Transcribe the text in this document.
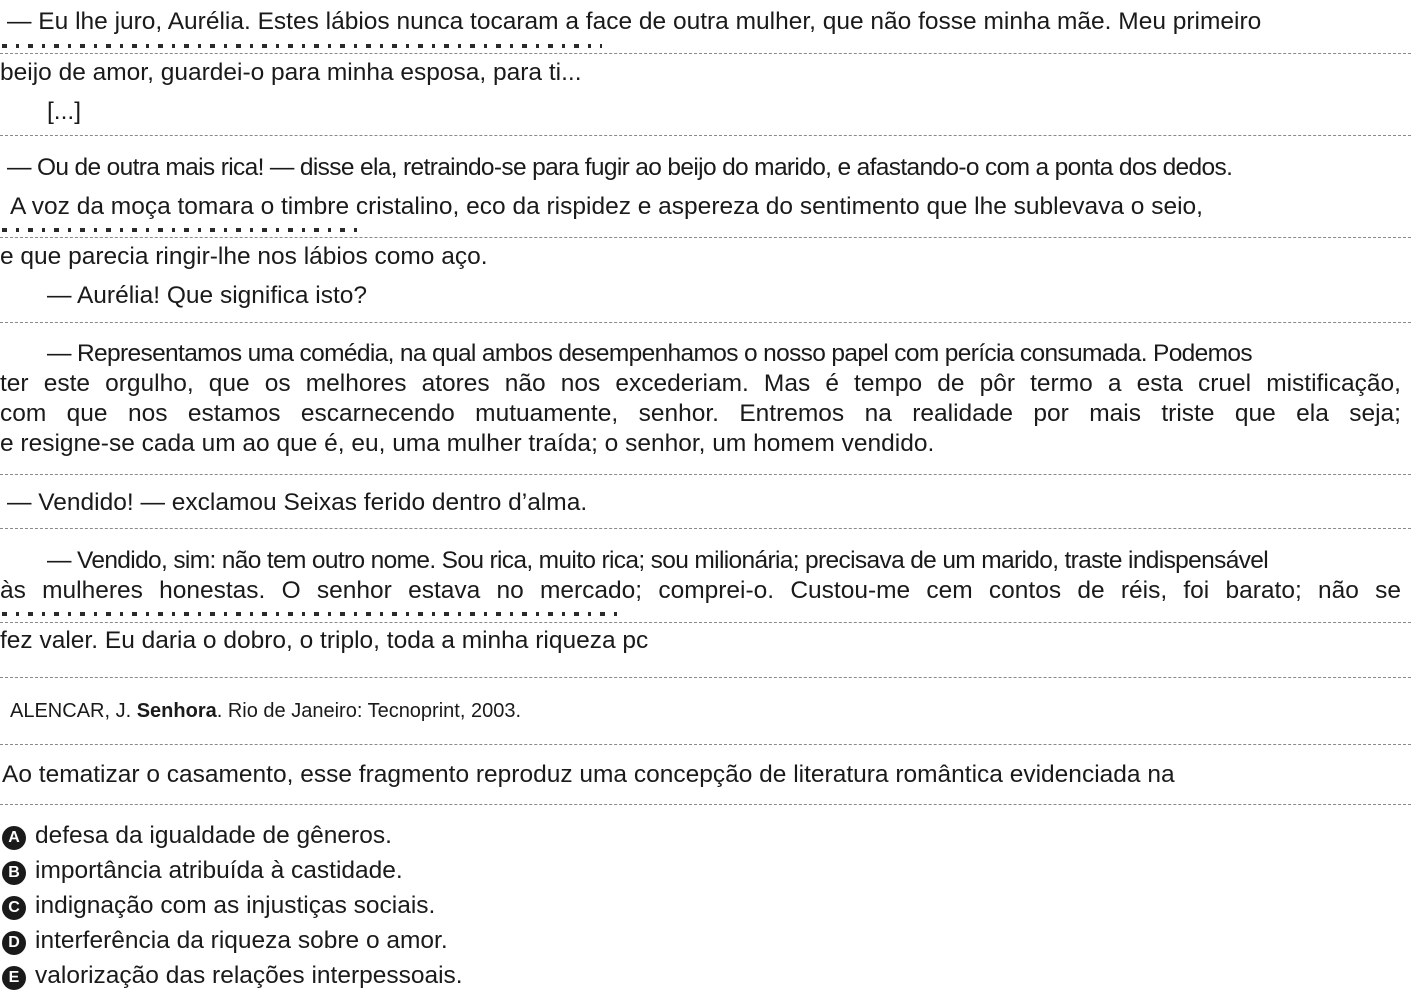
— Eu lhe juro, Aurélia. Estes lábios nunca tocaram a face de outra mulher, que não fosse minha mãe. Meu primeiro
beijo de amor, guardei-o para minha esposa, para ti...
[...]
— Ou de outra mais rica! — disse ela, retraindo-se para fugir ao beijo do marido, e afastando-o com a ponta dos dedos.
A voz da moça tomara o timbre cristalino, eco da rispidez e aspereza do sentimento que lhe sublevava o seio,
e que parecia ringir-lhe nos lábios como aço.
— Aurélia! Que significa isto?
— Representamos uma comédia, na qual ambos desempenhamos o nosso papel com perícia consumada. Podemos
ter este orgulho, que os melhores atores não nos excederiam. Mas é tempo de pôr termo a esta cruel mistificação,
com que nos estamos escarnecendo mutuamente, senhor. Entremos na realidade por mais triste que ela seja;
e resigne-se cada um ao que é, eu, uma mulher traída; o senhor, um homem vendido.
— Vendido! — exclamou Seixas ferido dentro d’alma.
— Vendido, sim: não tem outro nome. Sou rica, muito rica; sou milionária; precisava de um marido, traste indispensável
às mulheres honestas. O senhor estava no mercado; comprei-o. Custou-me cem contos de réis, foi barato; não se
fez valer. Eu daria o dobro, o triplo, toda a minha riqueza pc
ALENCAR, J. Senhora. Rio de Janeiro: Tecnoprint, 2003.
Ao tematizar o casamento, esse fragmento reproduz uma concepção de literatura romântica evidenciada na
A defesa da igualdade de gêneros.
B importância atribuída à castidade.
C indignação com as injustiças sociais.
D interferência da riqueza sobre o amor.
E valorização das relações interpessoais.
